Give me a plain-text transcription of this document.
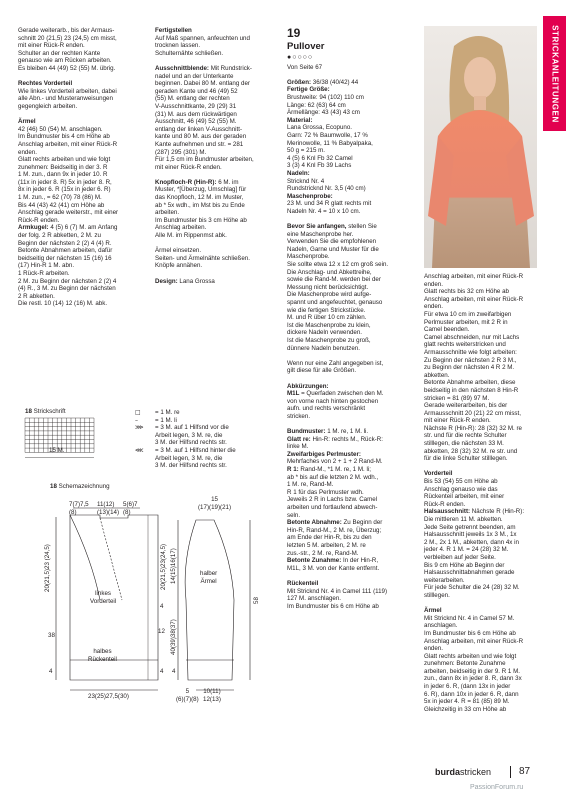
STRICKANLEITUNGEN

Gerade weiterarb., bis der Armaus-
schnitt 20 (21,5) 23 (24,5) cm misst,
mit einer Rück-R enden.
Schulter an der rechten Kante
genauso wie am Rücken arbeiten.
Es bleiben 44 (49) 52 (55) M. übrig.

Rechtes Vorderteil

Wie linkes Vorderteil arbeiten, dabei
alle Abn.- und Musteranweisungen
gegengleich arbeiten.

Ärmel

42 (46) 50 (54) M. anschlagen.
Im Bundmuster bis 4 cm Höhe ab
Anschlag arbeiten, mit einer Rück-R
enden.
Glatt rechts arbeiten und wie folgt
zunehmen: Beidseitig in der 3. R
1 M. zun., dann 9x in jeder 10. R
(11x in jeder 8. R) 5x in jeder 8. R,
8x in jeder 6. R (15x in jeder 6. R)
1 M. zun., = 62 (70) 78 (86) M.
Bis 44 (43) 42 (41) cm Höhe ab
Anschlag gerade weiterstr., mit einer
Rück-R enden.

Armkugel: 4 (5) 6 (7) M. am Anfang
der folg. 2 R abketten, 2 M. zu
Beginn der nächsten 2 (2) 4 (4) R.
Betonte Abnahmen arbeiten, dafür
beidseitig der nächsten 15 (16) 16
(17) Hin-R 1 M. abn.
1 Rück-R arbeiten.
2 M. zu Beginn der nächsten 2 (2) 4
(4) R., 3 M. zu Beginn der nächsten
2 R abketten.
Die restl. 10 (14) 12 (16) M. abk.

Fertigstellen

Auf Maß spannen, anfeuchten und
trocknen lassen.
Schulternähte schließen.

Ausschnittblende: Mit Rundstrick-
nadel und an der Unterkante
beginnen. Dabei 80 M. entlang der
geraden Kante und 46 (49) 52
(55) M. entlang der rechten
V-Ausschnittkante, 29 (29) 31
(31) M. aus dem rückwärtigen
Ausschnitt, 46 (49) 52 (55) M.
entlang der linken V-Ausschnitt-
kante und 80 M. aus der geraden
Kante aufnehmen und str. = 281
(287) 295 (301) M.
Für 1,5 cm im Bundmuster arbeiten,
mit einer Rück-R enden.

Knopfloch-R (Hin-R): 6 M. im
Muster, *[Überzug, Umschlag] für
das Knopfloch, 12 M. im Muster,
ab * 5x wdh., im Mst bis zu Ende
arbeiten.
Im Bundmuster bis 3 cm Höhe ab
Anschlag arbeiten.
Alle M. im Rippenmst abk.

Ärmel einsetzen.
Seiten- und Ärmelnähte schließen.
Knöpfe annähen.

Design: Lana Grossa

19
Pullover
●○○○○

Von Seite 67

Größen: 36/38 (40/42) 44

Fertige Größe:

Brustweite: 94 (102) 110 cm
Länge: 62 (63) 64 cm
Ärmellänge: 43 (43) 43 cm

Material:

Lana Grossa, Ecopuno.
Garn: 72 % Baumwolle, 17 %
Merinowolle, 11 % Babyalpaka,
50 g = 215 m.
4 (5) 6 Knl Fb 32 Camel
3 (3) 4 Knl Fb 39 Lachs

Nadeln:

Stricknd Nr. 4
Rundstricknd Nr. 3,5 (40 cm)

Maschenprobe:

23 M. und 34 R glatt rechts mit
Nadeln Nr. 4 = 10 x 10 cm.

Bevor Sie anfangen, stellen Sie
eine Maschenprobe her.
Verwenden Sie die empfohlenen
Nadeln, Garne und Muster für die
Maschenprobe.
Sie sollte etwa 12 x 12 cm groß sein.
Die Anschlag- und Abkettreihe,
sowie die Rand-M. werden bei der
Messung nicht berücksichtigt.
Die Maschenprobe wird aufge-
spannt und angefeuchtet, genauso
wie die fertigen Strickstücke.
M. und R über 10 cm zählen.
Ist die Maschenprobe zu klein,
dickere Nadeln verwenden.
Ist die Maschenprobe zu groß,
dünnere Nadeln benutzen.

Wenn nur eine Zahl angegeben ist,
gilt diese für alle Größen.

Abkürzungen:

M1L = Querfaden zwischen den M.
von vorne nach hinten gestochen
aufn. und rechts verschränkt
stricken.

Bundmuster: 1 M. re, 1 M. li.

Glatt re: Hin-R: rechts M., Rück-R:
linke M.

Zweifarbiges Perlmuster:

Mehrfaches von 2 + 1 + 2 Rand-M.

R 1: Rand-M., *1 M. re, 1 M. li;
ab * bis auf die letzten 2 M. wdh.,
1 M. re, Rand-M.
R 1 für das Perlmuster wdh.
Jeweils 2 R in Lachs bzw. Camel
arbeiten und fortlaufend abwech-
seln.

Betonte Abnahme: Zu Beginn der
Hin-R, Rand-M., 2 M. re, Überzug;
am Ende der Hin-R, bis zu den
letzten 5 M. arbeiten, 2 M. re
zus.-str., 2 M. re, Rand-M.

Betonte Zunahme: In der Hin-R,
M1L, 3 M. von der Kante entfernt.

Rückenteil

Mit Stricknd Nr. 4 in Camel 111 (119)
127 M. anschlagen.
Im Bundmuster bis 6 cm Höhe ab

Anschlag arbeiten, mit einer Rück-R
enden.
Glatt rechts bis 32 cm Höhe ab
Anschlag arbeiten, mit einer Rück-R
enden.
Für etwa 10 cm im zweifarbigen
Perlmuster arbeiten, mit 2 R in
Camel beenden.
Camel abschneiden, nur mit Lachs
glatt rechts weiterstricken und
Armausschnitte wie folgt arbeiten:
Zu Beginn der nächsten 2 R 3 M.,
zu Beginn der nächsten 4 R 2 M.
abketten.
Betonte Abnahme arbeiten, diese
beidseitig in den nächsten 8 Hin-R
stricken = 81 (89) 97 M.
Gerade weiterarbeiten, bis der
Armausschnitt 20 (21) 22 cm misst,
mit einer Rück-R enden.
Nächste R (Hin-R): 28 (32) 32 M. re
str. und für die rechte Schulter
stilllegen, die nächsten 33 M.
abketten, 28 (32) 32 M. re str. und
für die linke Schulter stilllegen.

Vorderteil

Bis 53 (54) 55 cm Höhe ab
Anschlag genauso wie das
Rückenteil arbeiten, mit einer
Rück-R enden.

Halsausschnitt: Nächste R (Hin-R):
Die mittleren 11 M. abketten.
Jede Seite getrennt beenden, am
Halsausschnitt jeweils 1x 3 M., 1x
2 M., 2x 1 M., abketten, dann 4x in
jeder 4. R 1 M. = 24 (28) 32 M.
verbleiben auf jeder Seite.
Bis 9 cm Höhe ab Beginn der
Halsausschnittabnahmen gerade
weiterarbeiten.
Für jede Schulter die 24 (28) 32 M.
stilllegen.

Ärmel

Mit Stricknd Nr. 4 in Camel 57 M.
anschlagen.
Im Bundmuster bis 6 cm Höhe ab
Anschlag arbeiten, mit einer Rück-R
enden.
Glatt rechts arbeiten und wie folgt
zunehmen: Betonte Zunahme
arbeiten, beidseitig in der 9. R 1 M.
zun., dann 8x in jeder 8. R, dann 3x
in jeder 6. R, (dann 13x in jeder
6. R), dann 10x in jeder 6. R, dann
5x in jeder 4. R = 81 (85) 89 M.
Gleichzeitig in 33 cm Höhe ab

18 Strickschrift
15 M.
□	= 1 M. re
–	= 1 M. li
⋙	= 3 M. auf 1 Hilfsnd vor die
Arbeit legen, 3 M. re, die
3 M. der Hilfsnd rechts str.
⋘	= 3 M. auf 1 Hilfsnd hinter die
Arbeit legen, 3 M. re, die
3 M. der Hilfsnd rechts str.
18 Schemazeichnung
7(7)7,5
(8)
11(12)
(13)(14)
5(6)7
(8)
20(21,5)23 (24,5)
38
4
linkes
Vorderteil
halbes
Rückenteil
20(21,5)23(24,5)
4
12
4
23(25)27,5(30)
15
(17)(19)(21)
14(15)16(17)
40(39)38(37)
4
58
halber
Ärmel
5
(6)(7)(8)
10(11)
12(13)
burdastricken	87
PassionForum.ru
